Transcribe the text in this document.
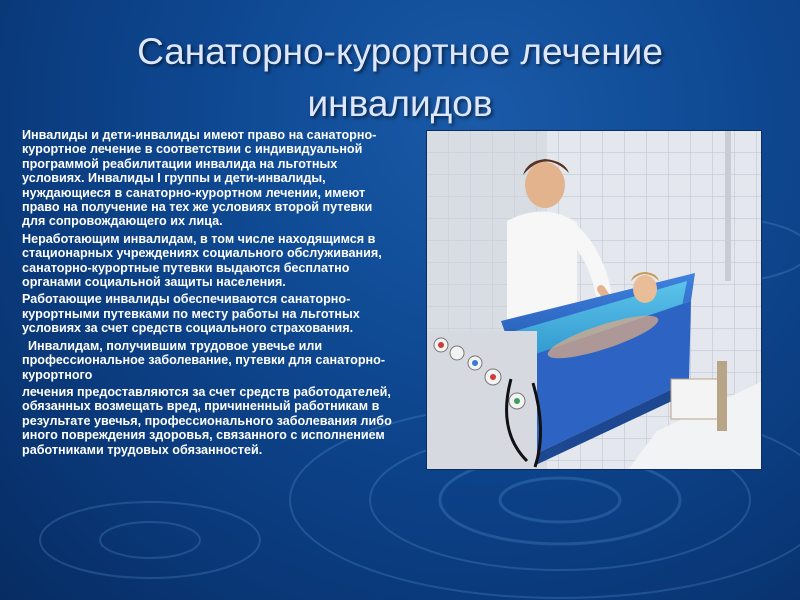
Санаторно-курортное лечение
инвалидов

Инвалиды и дети-инвалиды имеют право на санаторно-курортное лечение в соответствии с индивидуальной программой реабилитации инвалида на льготных условиях. Инвалиды I группы и дети-инвалиды, нуждающиеся в санаторно-курортном лечении, имеют право на получение на тех же условиях второй путевки для сопровождающего их лица.

Неработающим инвалидам, в том числе находящимся в стационарных учреждениях социального обслуживания, санаторно-курортные путевки выдаются бесплатно органами социальной защиты населения.

Работающие инвалиды обеспечиваются санаторно-курортными путевками по месту работы на льготных условиях за счет средств социального страхования.

Инвалидам, получившим трудовое увечье или профессиональное заболевание, путевки для санаторно-курортного

лечения предоставляются за счет средств работодателей, обязанных возмещать вред, причиненный работникам в результате увечья, профессионального заболевания либо иного повреждения здоровья, связанного с исполнением работниками трудовых обязанностей.
